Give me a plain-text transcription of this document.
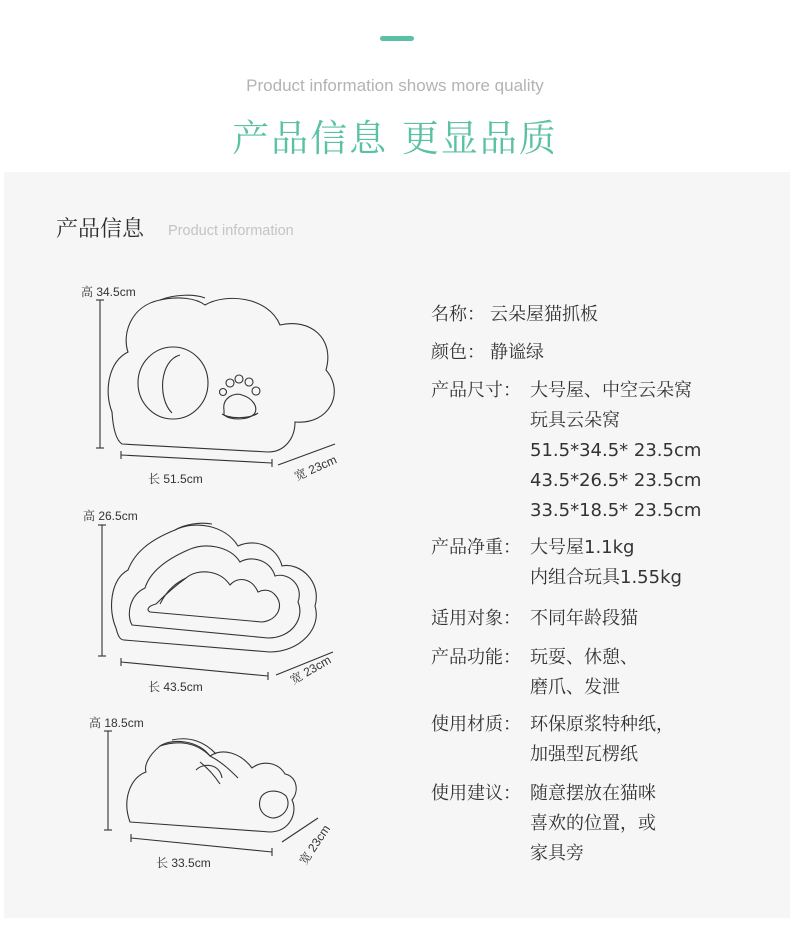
Product information shows more quality
产品信息 更显品质
产品信息 Product information
高 34.5cm
长 51.5cm	宽 23cm
高 26.5cm
长 43.5cm	宽 23cm
高 18.5cm
长 33.5cm	宽 23cm
名称： 云朵屋猫抓板
颜色： 静谧绿
产品尺寸： 大号屋、中空云朵窝
玩具云朵窝
51.5*34.5* 23.5cm
43.5*26.5* 23.5cm
33.5*18.5* 23.5cm
产品净重： 大号屋1.1kg
内组合玩具1.55kg
适用对象： 不同年龄段猫
产品功能： 玩耍、休憩、
磨爪、发泄
使用材质： 环保原浆特种纸，
加强型瓦楞纸
使用建议： 随意摆放在猫咪
喜欢的位置，或
家具旁
